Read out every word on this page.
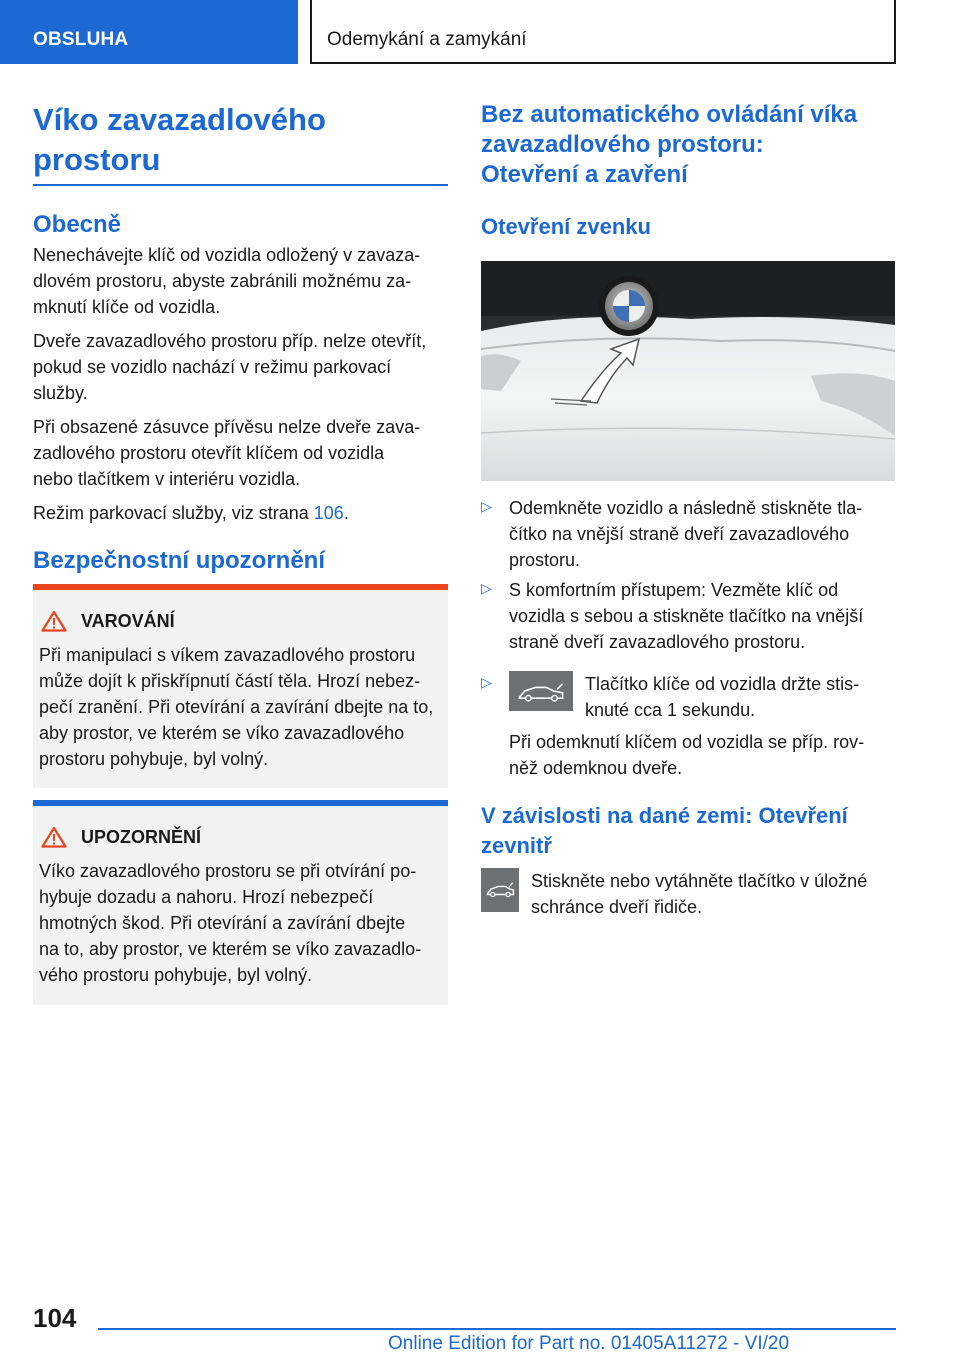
OBSLUHA	Odemykání a zamykání
Víko zavazadlového
prostoru
Obecně
Nenechávejte klíč od vozidla odložený v zavaza-
dlovém prostoru, abyste zabránili možnému za-
mknutí klíče od vozidla.
Dveře zavazadlového prostoru příp. nelze otevřít,
pokud se vozidlo nachází v režimu parkovací
služby.
Při obsazené zásuvce přívěsu nelze dveře zava-
zadlového prostoru otevřít klíčem od vozidla
nebo tlačítkem v interiéru vozidla.
Režim parkovací služby, viz strana 106.
Bezpečnostní upozornění
VAROVÁNÍ
Při manipulaci s víkem zavazadlového prostoru
může dojít k přiskřípnutí částí těla. Hrozí nebez-
pečí zranění. Při otevírání a zavírání dbejte na to,
aby prostor, ve kterém se víko zavazadlového
prostoru pohybuje, byl volný.
UPOZORNĚNÍ
Víko zavazadlového prostoru se při otvírání po-
hybuje dozadu a nahoru. Hrozí nebezpečí
hmotných škod. Při otevírání a zavírání dbejte
na to, aby prostor, ve kterém se víko zavazadlo-
vého prostoru pohybuje, byl volný.
Bez automatického ovládání víka
zavazadlového prostoru:
Otevření a zavření
Otevření zvenku
▷ Odemkněte vozidlo a následně stiskněte tla-
čítko na vnější straně dveří zavazadlového
prostoru.
▷ S komfortním přístupem: Vezměte klíč od
vozidla s sebou a stiskněte tlačítko na vnější
straně dveří zavazadlového prostoru.
▷	Tlačítko klíče od vozidla držte stis-
knuté cca 1 sekundu.
Při odemknutí klíčem od vozidla se příp. rov-
něž odemknou dveře.
V závislosti na dané zemi: Otevření
zevnitř
Stiskněte nebo vytáhněte tlačítko v úložné
schránce dveří řidiče.
104
Online Edition for Part no. 01405A11272 - VI/20
